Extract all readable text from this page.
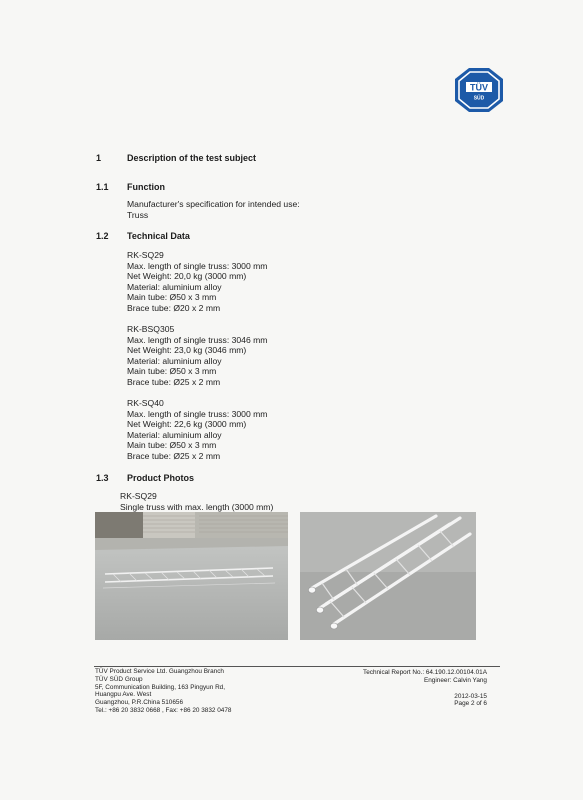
TÜV
SÜD
1	Description of the test subject
1.1 Function
Manufacturer's specification for intended use:
Truss
1.2 Technical Data
RK-SQ29
Max. length of single truss: 3000 mm
Net Weight: 20,0 kg (3000 mm)
Material: aluminium alloy
Main tube: Ø50 x 3 mm
Brace tube: Ø20 x 2 mm
RK-BSQ305
Max. length of single truss: 3046 mm
Net Weight: 23,0 kg (3046 mm)
Material: aluminium alloy
Main tube: Ø50 x 3 mm
Brace tube: Ø25 x 2 mm
RK-SQ40
Max. length of single truss: 3000 mm
Net Weight: 22,6 kg (3000 mm)
Material: aluminium alloy
Main tube: Ø50 x 3 mm
Brace tube: Ø25 x 2 mm
1.3 Product Photos
RK-SQ29
Single truss with max. length (3000 mm)
TÜV Product Service Ltd. Guangzhou Branch
TÜV SÜD Group
5F, Communication Building, 163 Pingyun Rd,
Huangpu Ave. West
Guangzhou, P.R.China 510656
Tel.: +86 20 3832 0668 , Fax: +86 20 3832 0478
Technical Report No.: 64.190.12.00104.01A
Engineer: Calvin Yang
2012-03-15
Page 2 of 6
